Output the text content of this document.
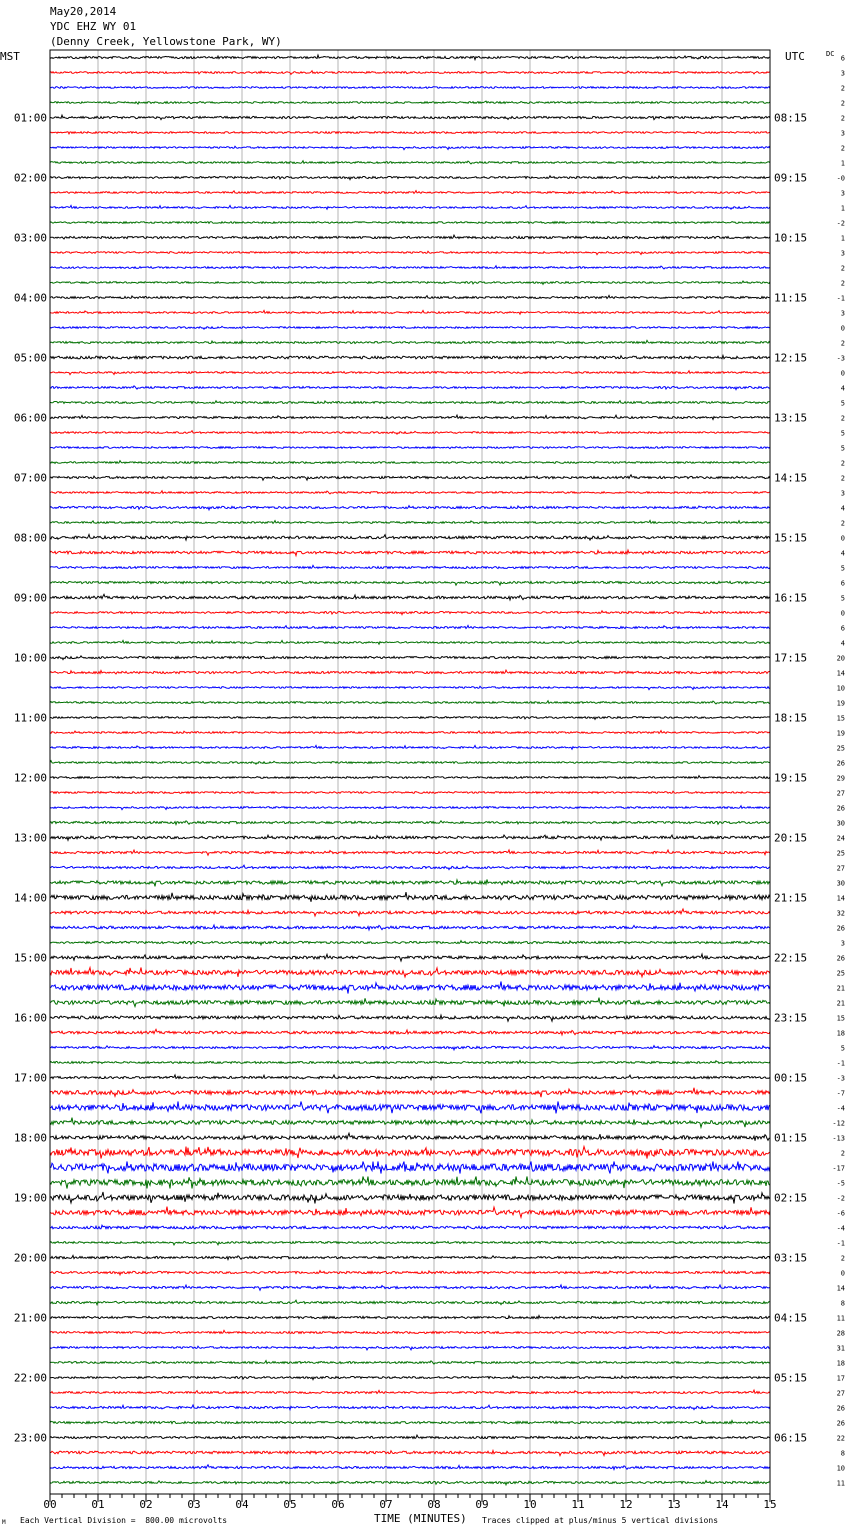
May20,2014
YDC EHZ WY 01
(Denny Creek, Yellowstone Park, WY)
MST	UTC	DC
00	01	02	03	04	05	06	07	08	09	10	11	12	13	14	15
6
3
2
2
2
3
2
1
-0
3
1
-2
1
3
2
2
-1
3
0
2
-3
0
4
5
2
5
5
2
2
3
4
2
0
4
5
6
5
0
6
4
20
14
10
19
15
19
25
26
29
27
26
30
24
25
27
30
14
32
26
3
26
25
21
21
15
18
5
-1
-3
-7
-4
-12
-13
2
-17
-5
-2
-6
-4
-1
2
0
14
8
11
28
31
18
17
27
26
26
22
8
10
11
01:00
02:00
03:00
04:00
05:00
06:00
07:00
08:00
09:00
10:00
11:00
12:00
13:00
14:00
15:00
16:00
17:00
18:00
19:00
20:00
21:00
22:00
23:00
08:15
09:15
10:15
11:15
12:15
13:15
14:15
15:15
16:15
17:15
18:15
19:15
20:15
21:15
22:15
23:15
00:15
01:15
02:15
03:15
04:15
05:15
06:15
TIME (MINUTES)
M Each Vertical Division =  800.00 microvolts	Traces clipped at plus/minus 5 vertical divisions
